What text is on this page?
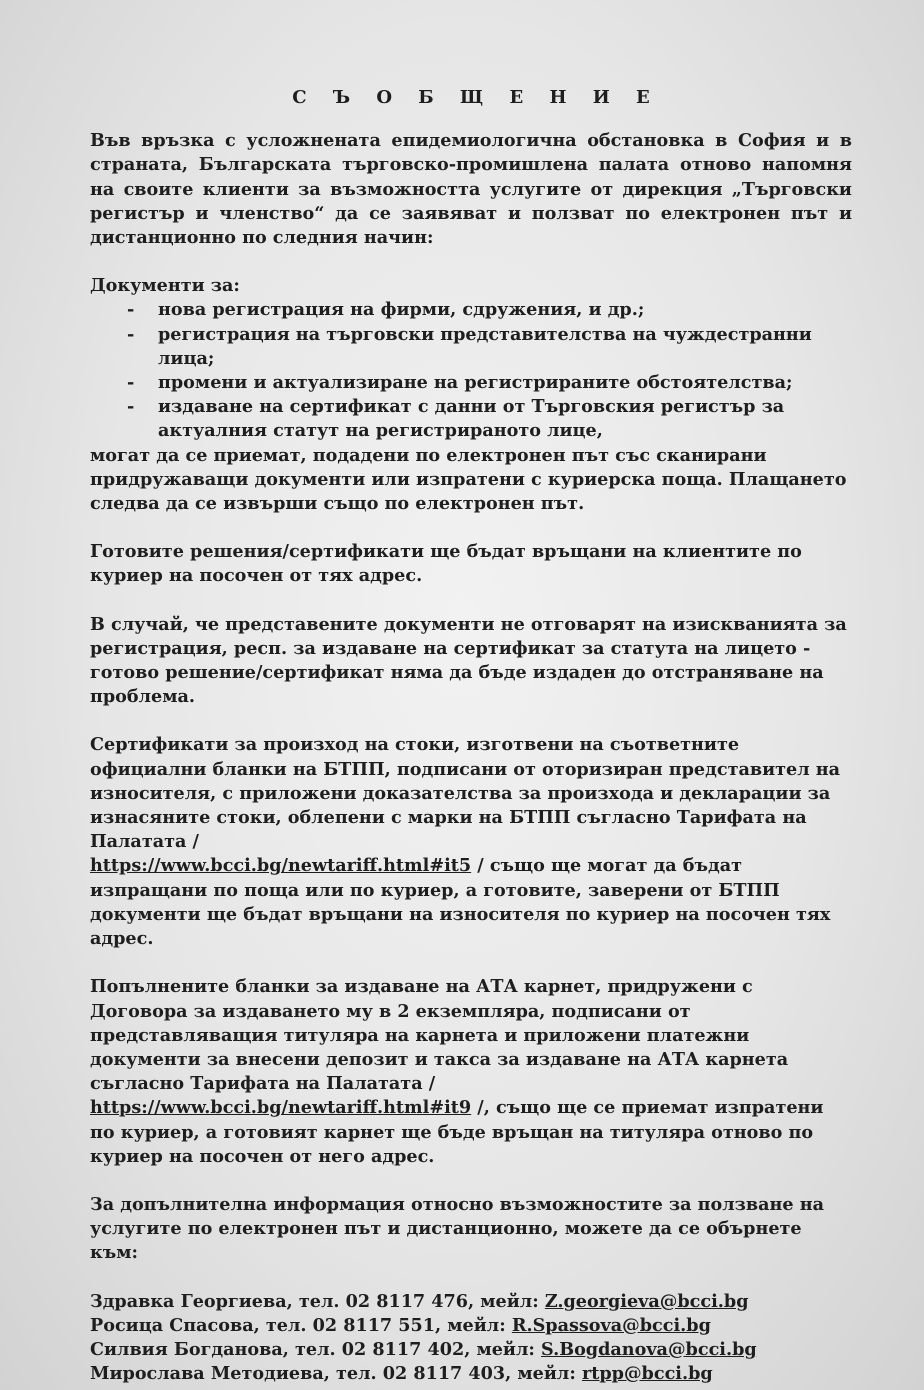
С Ъ О Б Щ Е Н И Е

Във връзка с усложнената епидемиологична обстановка в София и в страната, Българската търговско-промишлена палата отново напомня на своите клиенти за възможността услугите от дирекция „Търговски регистър и членство“ да се заявяват и ползват по електронен път и дистанционно по следния начин:

Документи за:

- нова регистрация на фирми, сдружения, и др.;
- регистрация на търговски представителства на чуждестранни лица;
- промени и актуализиране на регистрираните обстоятелства;
- издаване на сертификат с данни от Търговския регистър за актуалния статут на регистрираното лице,

могат да се приемат, подадени по електронен път със сканирани придружаващи документи или изпратени с куриерска поща. Плащането следва да се извърши също по електронен път.

Готовите решения/сертификати ще бъдат връщани на клиентите по куриер на посочен от тях адрес.

В случай, че представените документи не отговарят на изискванията за регистрация, респ. за издаване на сертификат за статута на лицето - готово решение/сертификат няма да бъде издаден до отстраняване на проблема.

Сертификати за произход на стоки, изготвени на съответните официални бланки на БТПП, подписани от оторизиран представител на износителя, с приложени доказателства за произхода и декларации за изнасяните стоки, облепени с марки на БТПП съгласно Тарифата на Палатата /
https://www.bcci.bg/newtariff.html#it5 / също ще могат да бъдат изпращани по поща или по куриер, а готовите, заверени от БТПП документи ще бъдат връщани на износителя по куриер на посочен тях адрес.

Попълнените бланки за издаване на АТА карнет, придружени с Договора за издаването му в 2 екземпляра, подписани от представляващия титуляра на карнета и приложени платежни документи за внесени депозит и такса за издаване на АТА карнета съгласно Тарифата на Палатата /
https://www.bcci.bg/newtariff.html#it9 /, също ще се приемат изпратени по куриер, а готовият карнет ще бъде връщан на титуляра отново по куриер на посочен от него адрес.

За допълнителна информация относно възможностите за ползване на услугите по електронен път и дистанционно, можете да се обърнете към:

Здравка Георгиева, тел. 02 8117 476, мейл: Z.georgieva@bcci.bg
Росица Спасова, тел. 02 8117 551, мейл: R.Spassova@bcci.bg
Силвия Богданова, тел. 02 8117 402, мейл: S.Bogdanova@bcci.bg
Мирослава Методиева, тел. 02 8117 403, мейл: rtpp@bcci.bg
